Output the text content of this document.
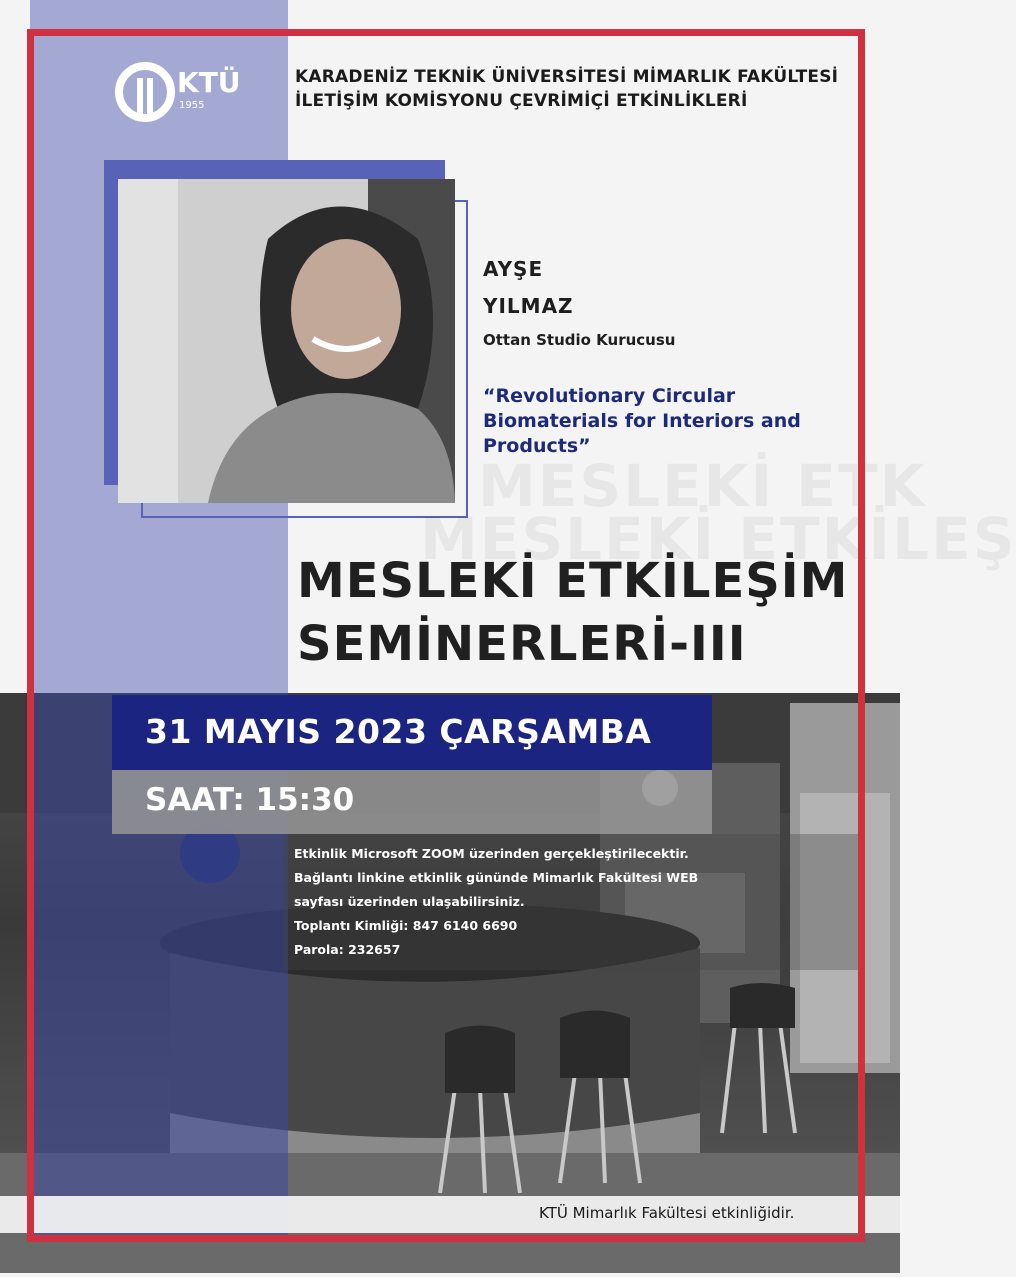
KTÜ
1955
KARADENİZ TEKNİK ÜNİVERSİTESİ MİMARLIK FAKÜLTESİ
İLETİŞİM KOMİSYONU ÇEVRİMİÇİ ETKİNLİKLERİ
AYŞE
YILMAZ
Ottan Studio Kurucusu
“Revolutionary Circular Biomaterials for Interiors and Products”
MESLEKİ ETK
MESLEKİ ETKİLEŞ
MESLEKİ ETKİLEŞİM
SEMİNERLERİ-III
31 MAYIS 2023 ÇARŞAMBA
SAAT: 15:30
Etkinlik Microsoft ZOOM üzerinden gerçekleştirilecektir.
Bağlantı linkine etkinlik gününde Mimarlık Fakültesi WEB
sayfası üzerinden ulaşabilirsiniz.
Toplantı Kimliği: 847 6140 6690
Parola: 232657
KTÜ Mimarlık Fakültesi etkinliğidir.
